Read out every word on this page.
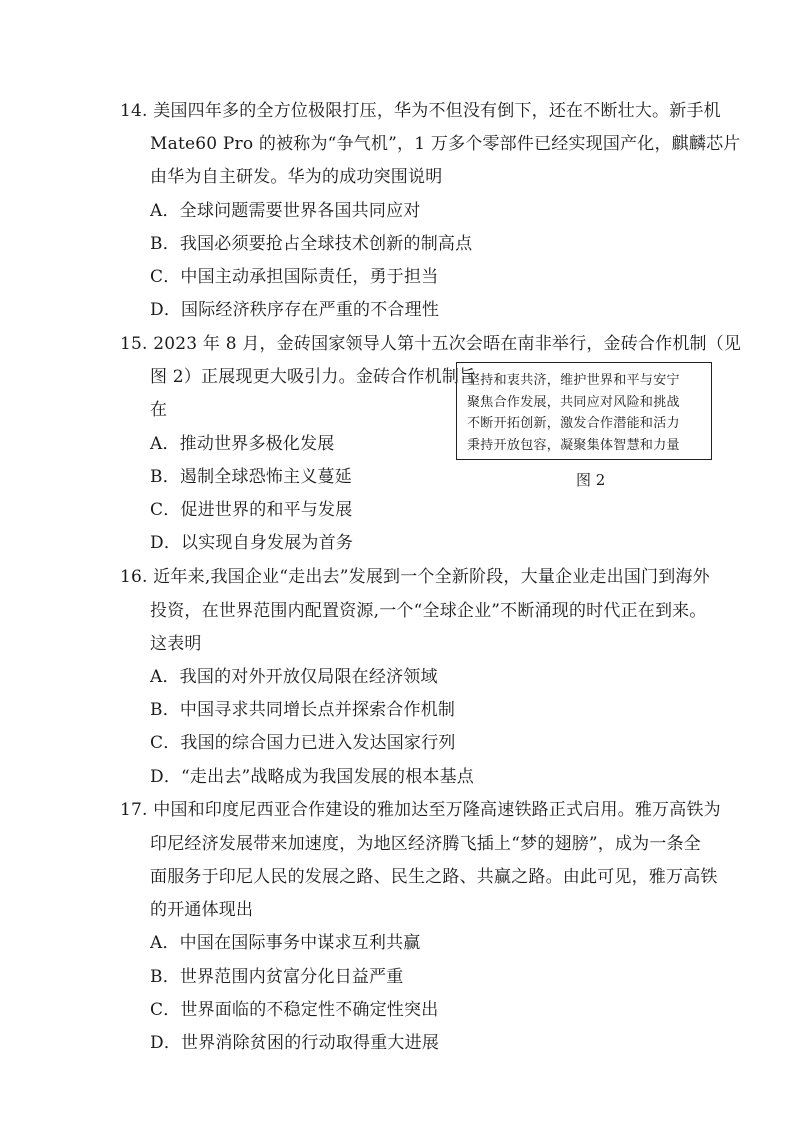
14. 美国四年多的全方位极限打压，华为不但没有倒下，还在不断壮大。新手机
Mate60 Pro 的被称为“争气机”，1 万多个零部件已经实现国产化，麒麟芯片
由华为自主研发。华为的成功突围说明
A．全球问题需要世界各国共同应对
B．我国必须要抢占全球技术创新的制高点
C．中国主动承担国际责任，勇于担当
D．国际经济秩序存在严重的不合理性
15. 2023 年 8 月，金砖国家领导人第十五次会晤在南非举行，金砖合作机制（见
图 2）正展现更大吸引力。金砖合作机制旨
在
A．推动世界多极化发展
B．遏制全球恐怖主义蔓延
C．促进世界的和平与发展
D．以实现自身发展为首务
坚持和衷共济，维护世界和平与安宁
聚焦合作发展，共同应对风险和挑战
不断开拓创新，激发合作潜能和活力
秉持开放包容，凝聚集体智慧和力量
图 2
16. 近年来,我国企业“走出去”发展到一个全新阶段，大量企业走出国门到海外
投资，在世界范围内配置资源,一个“全球企业”不断涌现的时代正在到来。
这表明
A．我国的对外开放仅局限在经济领域
B．中国寻求共同增长点并探索合作机制
C．我国的综合国力已进入发达国家行列
D．“走出去”战略成为我国发展的根本基点
17. 中国和印度尼西亚合作建设的雅加达至万隆高速铁路正式启用。雅万高铁为
印尼经济发展带来加速度，为地区经济腾飞插上“梦的翅膀”，成为一条全
面服务于印尼人民的发展之路、民生之路、共赢之路。由此可见，雅万高铁
的开通体现出
A．中国在国际事务中谋求互利共赢
B．世界范围内贫富分化日益严重
C．世界面临的不稳定性不确定性突出
D．世界消除贫困的行动取得重大进展
